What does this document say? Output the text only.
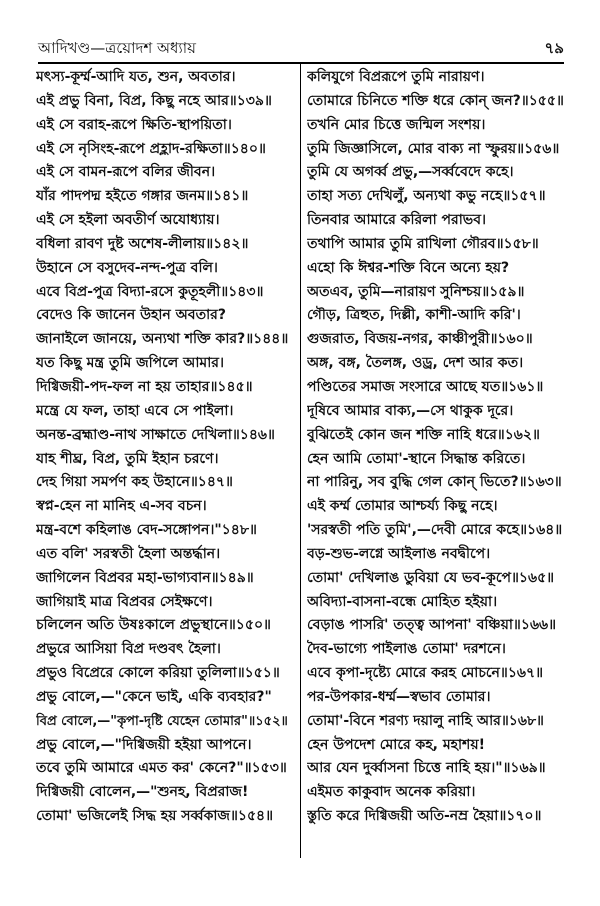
আদিখণ্ড—ত্রয়োদশ অধ্যায়	৭৯
মৎস্য-কূর্ম্ম-আদি যত, শুন, অবতার।
এই প্রভু বিনা, বিপ্র, কিছু নহে আর॥১৩৯॥
এই সে বরাহ-রূপে ক্ষিতি-স্থাপয়িতা।
এই সে নৃসিংহ-রূপে প্রহ্লাদ-রক্ষিতা॥১৪০॥
এই সে বামন-রূপে বলির জীবন।
যাঁর পাদপদ্ম হইতে গঙ্গার জনম॥১৪১॥
এই সে হইলা অবতীর্ণ অযোধ্যায়।
বধিলা রাবণ দুষ্ট অশেষ-লীলায়॥১৪২॥
উহানে সে বসুদেব-নন্দ-পুত্র বলি।
এবে বিপ্র-পুত্র বিদ্যা-রসে কুতূহলী॥১৪৩॥
বেদেও কি জানেন উহান অবতার?
জানাইলে জানয়ে, অন্যথা শক্তি কার?॥১৪৪॥
যত কিছু মন্ত্র তুমি জপিলে আমার।
দিগ্বিজয়ী-পদ-ফল না হয় তাহার॥১৪৫॥
মন্ত্রে যে ফল, তাহা এবে সে পাইলা।
অনন্ত-ব্রহ্মাণ্ড-নাথ সাক্ষাতে দেখিলা॥১৪৬॥
যাহ শীঘ্র, বিপ্র, তুমি ইহান চরণে।
দেহ গিয়া সমর্পণ কহ উহানে॥১৪৭॥
স্বপ্ন-হেন না মানিহ এ-সব বচন।
মন্ত্র-বশে কহিলাঙ বেদ-সঙ্গোপন।"১৪৮॥
এত বলি' সরস্বতী হৈলা অন্তর্দ্ধান।
জাগিলেন বিপ্রবর মহা-ভাগ্যবান॥১৪৯॥
জাগিয়াই মাত্র বিপ্রবর সেইক্ষণে।
চলিলেন অতি উষঃকালে প্রভুস্থানে॥১৫০॥
প্রভুরে আসিয়া বিপ্র দণ্ডবৎ হৈলা।
প্রভুও বিপ্রেরে কোলে করিয়া তুলিলা॥১৫১॥
প্রভু বোলে,—"কেনে ভাই, একি ব্যবহার?"
বিপ্র বোলে,—"কৃপা-দৃষ্টি যেহেন তোমার"॥১৫২॥
প্রভু বোলে,—"দিগ্বিজয়ী হইয়া আপনে।
তবে তুমি আমারে এমত কর' কেনে?"॥১৫৩॥
দিগ্বিজয়ী বোলেন,—"শুনহ, বিপ্ররাজ!
তোমা' ভজিলেই সিদ্ধ হয় সর্ব্বকাজ॥১৫৪॥
কলিযুগে বিপ্ররূপে তুমি নারায়ণ।
তোমারে চিনিতে শক্তি ধরে কোন্ জন?॥১৫৫॥
তখনি মোর চিত্তে জন্মিল সংশয়।
তুমি জিজ্ঞাসিলে, মোর বাক্য না স্ফুরয়॥১৫৬॥
তুমি যে অগর্ব্ব প্রভু,—সর্ব্ববেদে কহে।
তাহা সত্য দেখিলুঁ, অন্যথা কভু নহে॥১৫৭॥
তিনবার আমারে করিলা পরাভব।
তথাপি আমার তুমি রাখিলা গৌরব॥১৫৮॥
এহো কি ঈশ্বর-শক্তি বিনে অন্যে হয়?
অতএব, তুমি—নারায়ণ সুনিশ্চয়॥১৫৯॥
গৌড়, ত্রিহুত, দিল্লী, কাশী-আদি করি'।
গুজরাত, বিজয়-নগর, কাঞ্চীপুরী॥১৬০॥
অঙ্গ, বঙ্গ, তৈলঙ্গ, ওড্র, দেশ আর কত।
পণ্ডিতের সমাজ সংসারে আছে যত॥১৬১॥
দূষিবে আমার বাক্য,—সে থাকুক দূরে।
বুঝিতেই কোন জন শক্তি নাহি ধরে॥১৬২॥
হেন আমি তোমা'-স্থানে সিদ্ধান্ত করিতে।
না পারিনু, সব বুদ্ধি গেল কোন্ ভিতে?॥১৬৩॥
এই কর্ম্ম তোমার আশ্চর্য্য কিছু নহে।
'সরস্বতী পতি তুমি',—দেবী মোরে কহে॥১৬৪॥
বড়-শুভ-লগ্নে আইলাঙ নবদ্বীপে।
তোমা' দেখিলাঙ ডুবিয়া যে ভব-কূপে॥১৬৫॥
অবিদ্যা-বাসনা-বন্ধে মোহিত হইয়া।
বেড়াঙ পাসরি' তত্ত্ব আপনা' বঞ্চিয়া॥১৬৬॥
দৈব-ভাগ্যে পাইলাঙ তোমা' দরশনে।
এবে কৃপা-দৃষ্ট্যে মোরে করহ মোচনে॥১৬৭॥
পর-উপকার-ধর্ম্ম—স্বভাব তোমার।
তোমা'-বিনে শরণ্য দয়ালু নাহি আর॥১৬৮॥
হেন উপদেশ মোরে কহ, মহাশয়!
আর যেন দুর্ব্বাসনা চিত্তে নাহি হয়।"॥১৬৯॥
এইমত কাকুবাদ অনেক করিয়া।
স্তুতি করে দিগ্বিজয়ী অতি-নম্র হৈয়া॥১৭০॥
